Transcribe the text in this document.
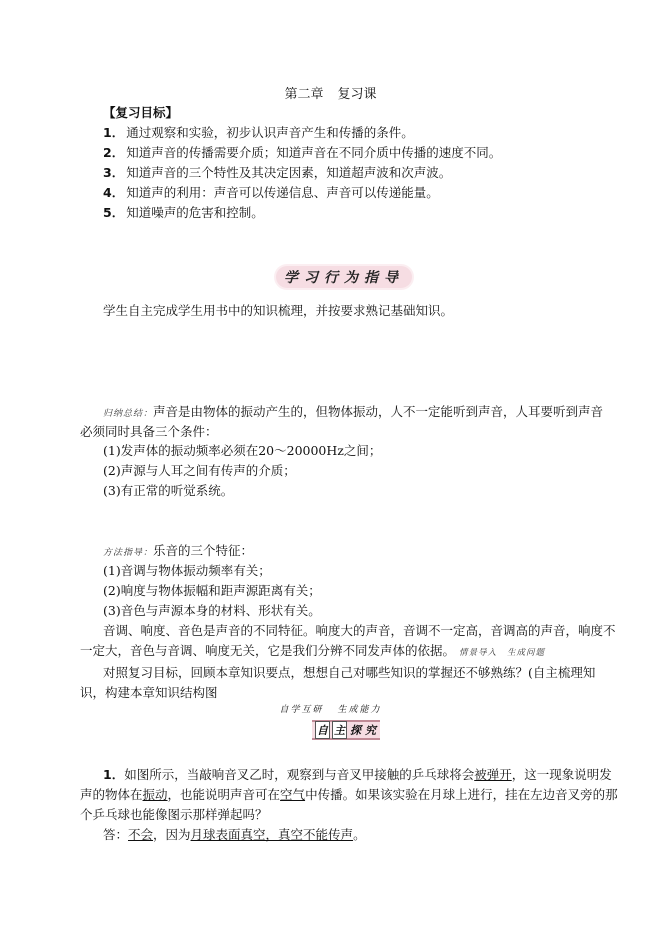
第二章 复习课
【复习目标】
1． 通过观察和实验，初步认识声音产生和传播的条件。
2． 知道声音的传播需要介质；知道声音在不同介质中传播的速度不同。
3． 知道声音的三个特性及其决定因素，知道超声波和次声波。
4． 知道声的利用：声音可以传递信息、声音可以传递能量。
5． 知道噪声的危害和控制。
学习行为指导
学生自主完成学生用书中的知识梳理，并按要求熟记基础知识。
归纳总结：声音是由物体的振动产生的，但物体振动，人不一定能听到声音，人耳要听到声音
必须同时具备三个条件：
(1)发声体的振动频率必须在20～20000Hz之间；
(2)声源与人耳之间有传声的介质；
(3)有正常的听觉系统。
方法指导：乐音的三个特征：
(1)音调与物体振动频率有关；
(2)响度与物体振幅和距声源距离有关；
(3)音色与声源本身的材料、形状有关。
音调、响度、音色是声音的不同特征。响度大的声音，音调不一定高，音调高的声音，响度不
一定大，音色与音调、响度无关，它是我们分辨不同发声体的依据。 情景导入 生成问题
对照复习目标，回顾本章知识要点，想想自己对哪些知识的掌握还不够熟练？(自主梳理知
识，构建本章知识结构图
自学互研 生成能力
自 主 探 究
1．如图所示，当敲响音叉乙时，观察到与音叉甲接触的乒乓球将会被弹开，这一现象说明发
声的物体在振动，也能说明声音可在空气中传播。如果该实验在月球上进行，挂在左边音叉旁的那
个乒乓球也能像图示那样弹起吗？
答：不会，因为月球表面真空，真空不能传声。
